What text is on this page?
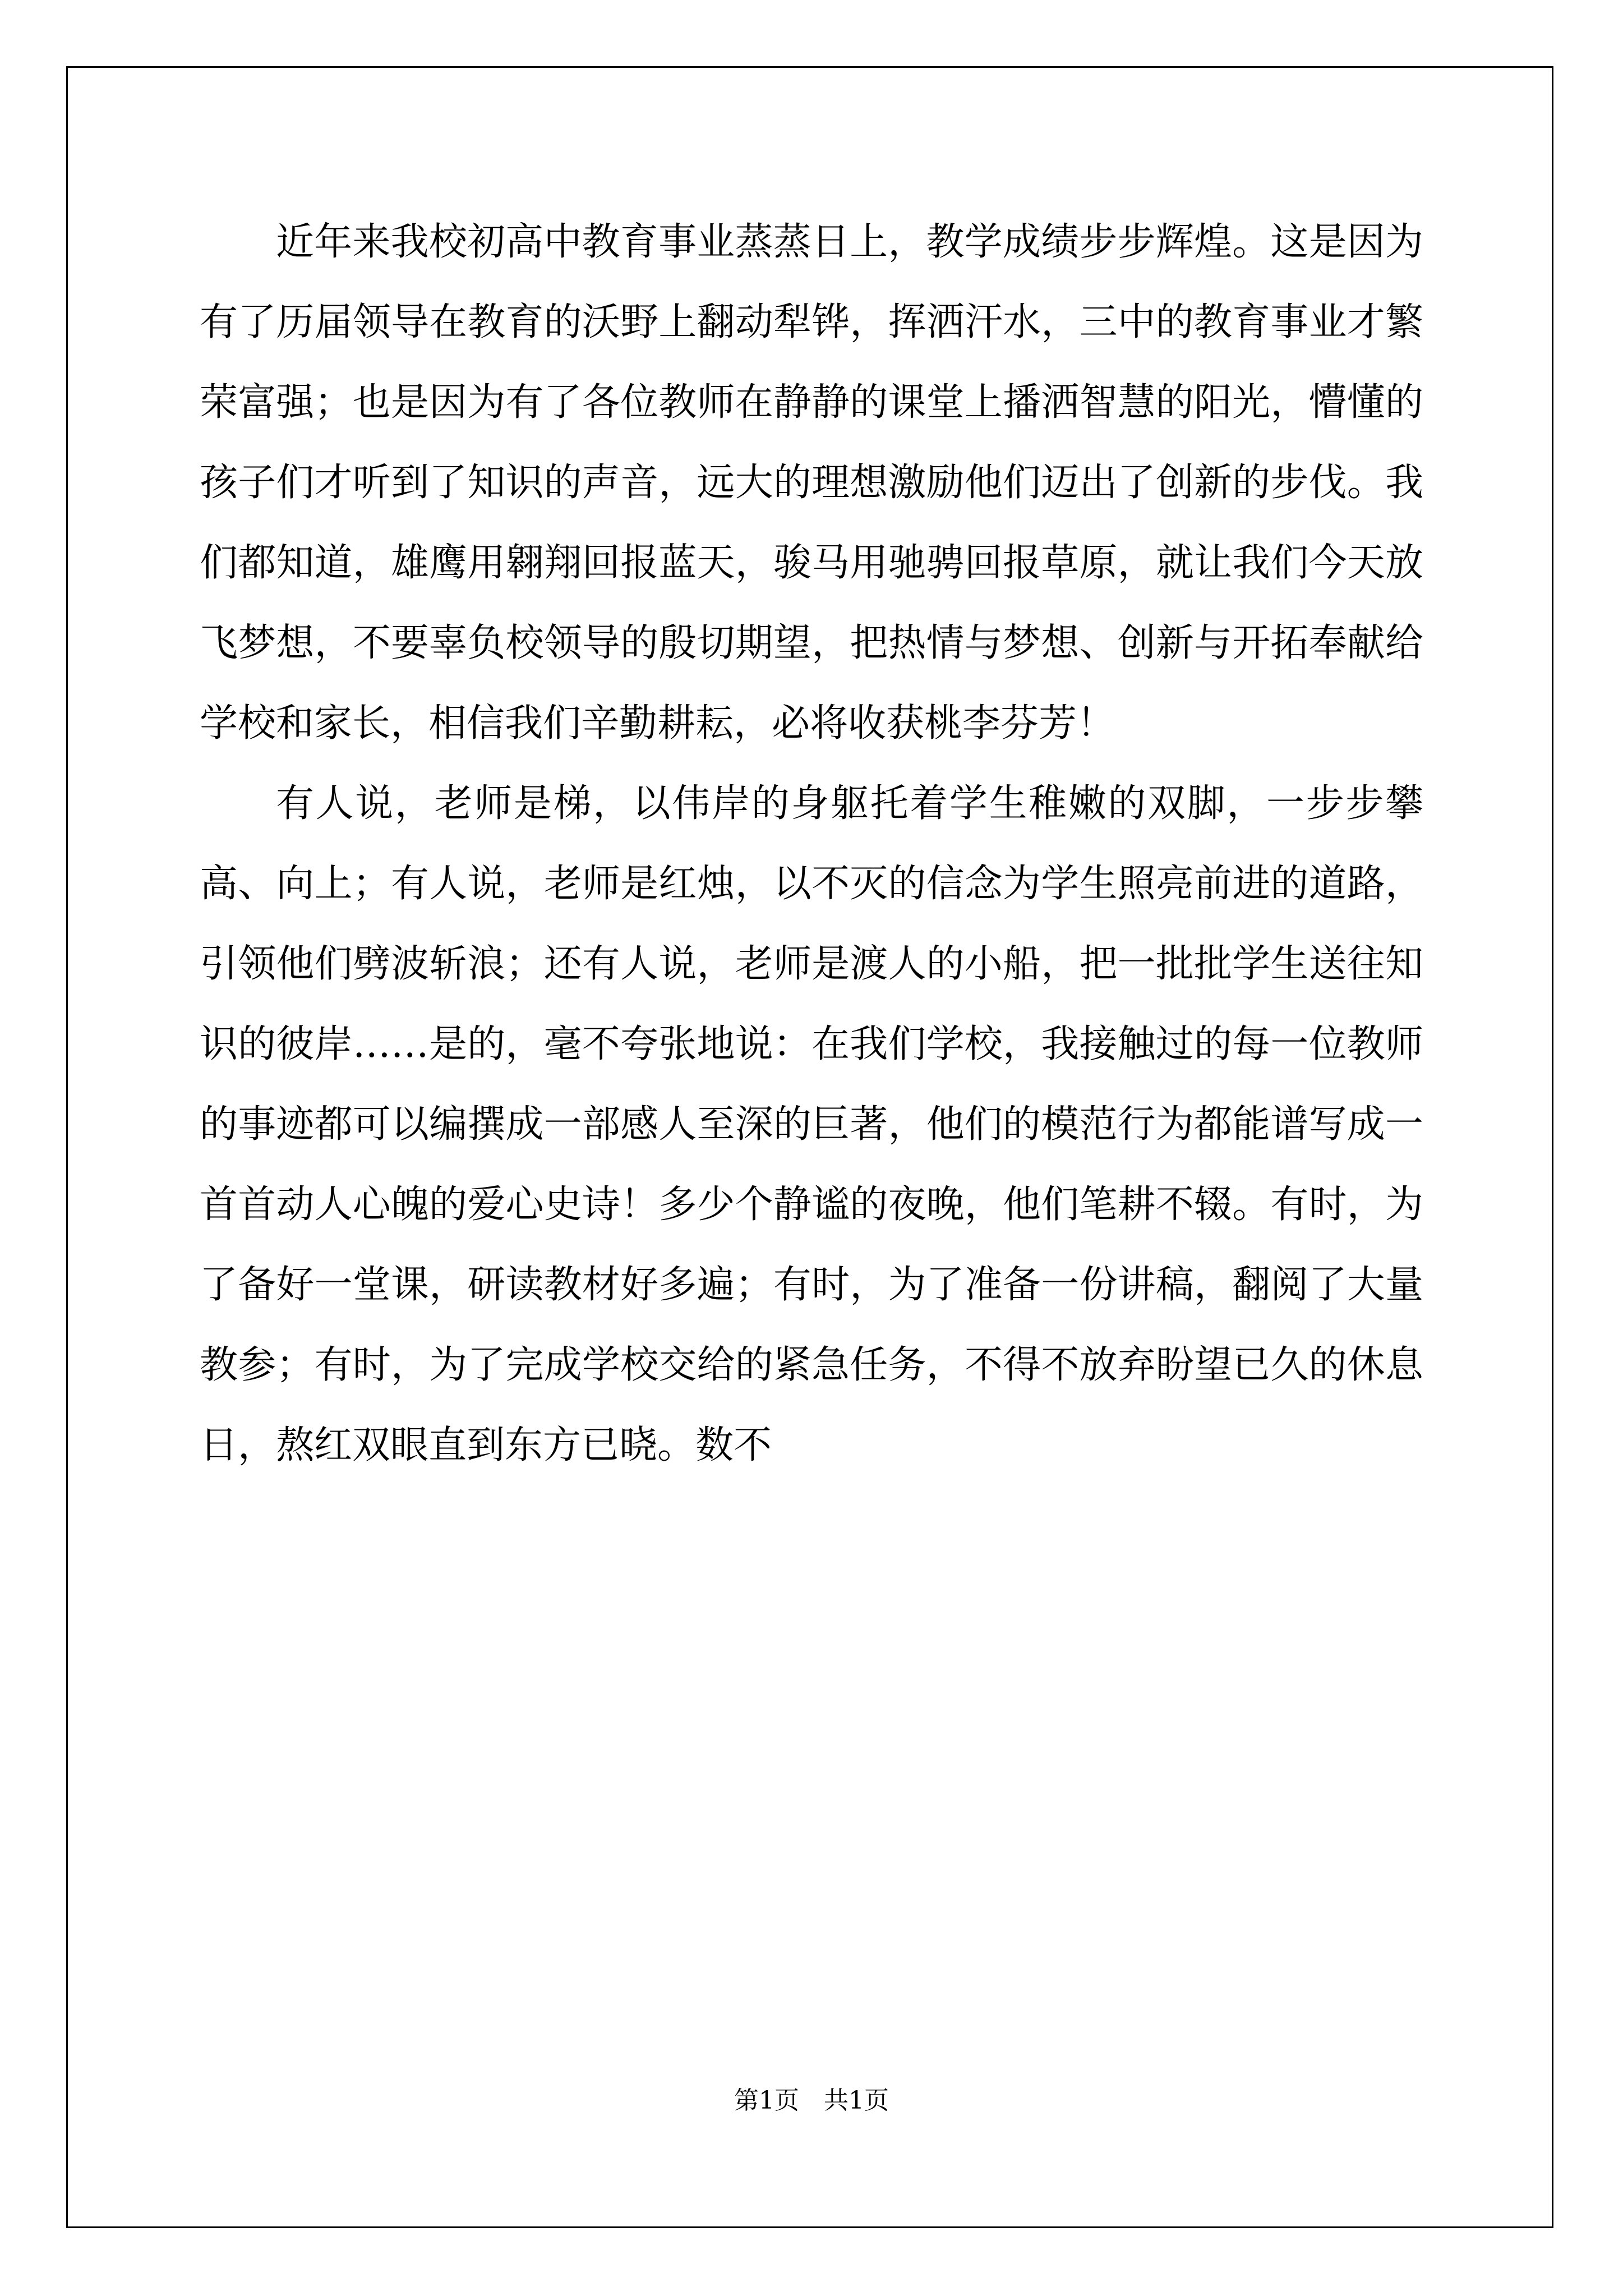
近年来我校初高中教育事业蒸蒸日上，教学成绩步步辉煌。这是因为有了历届领导在教育的沃野上翻动犁铧，挥洒汗水，三中的教育事业才繁荣富强；也是因为有了各位教师在静静的课堂上播洒智慧的阳光，懵懂的孩子们才听到了知识的声音，远大的理想激励他们迈出了创新的步伐。我们都知道，雄鹰用翱翔回报蓝天，骏马用驰骋回报草原，就让我们今天放飞梦想，不要辜负校领导的殷切期望，把热情与梦想、创新与开拓奉献给学校和家长，相信我们辛勤耕耘，必将收获桃李芬芳！

有人说，老师是梯，以伟岸的身躯托着学生稚嫩的双脚，一步步攀高、向上；有人说，老师是红烛，以不灭的信念为学生照亮前进的道路，引领他们劈波斩浪；还有人说，老师是渡人的小船，把一批批学生送往知识的彼岸……是的，毫不夸张地说：在我们学校，我接触过的每一位教师的事迹都可以编撰成一部感人至深的巨著，他们的模范行为都能谱写成一首首动人心魄的爱心史诗！多少个静谧的夜晚，他们笔耕不辍。有时，为了备好一堂课，研读教材好多遍；有时，为了准备一份讲稿，翻阅了大量教参；有时，为了完成学校交给的紧急任务，不得不放弃盼望已久的休息日，熬红双眼直到东方已晓。数不

第1页　共1页
